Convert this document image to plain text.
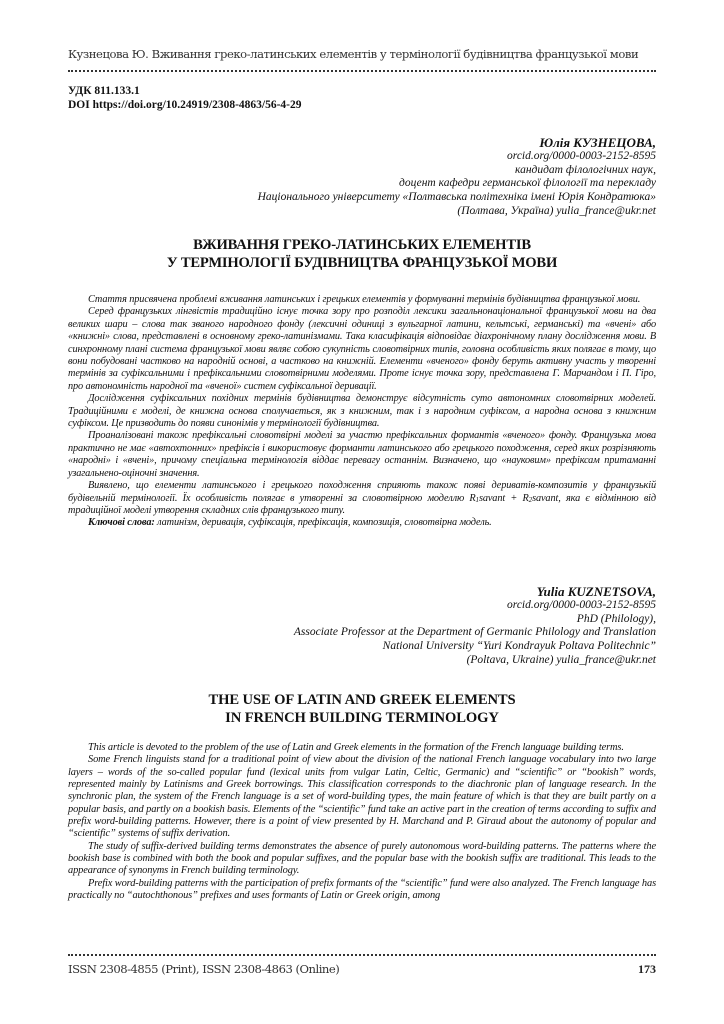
Кузнецова Ю. Вживання греко-латинських елементів у термінології будівництва французької мови
УДК 811.133.1
DOI https://doi.org/10.24919/2308-4863/56-4-29
Юлія КУЗНЕЦОВА,
orcid.org/0000-0003-2152-8595
кандидат філологічних наук,
доцент кафедри германської філології та перекладу
Національного університету «Полтавська політехніка імені Юрія Кондратюка»
(Полтава, Україна) yulia_france@ukr.net
ВЖИВАННЯ ГРЕКО-ЛАТИНСЬКИХ ЕЛЕМЕНТІВ
У ТЕРМІНОЛОГІЇ БУДІВНИЦТВА ФРАНЦУЗЬКОЇ МОВИ

Стаття присвячена проблемі вживання латинських і грецьких елементів у формуванні термінів будівництва французької мови.

Серед французьких лінгвістів традиційно існує точка зору про розподіл лексики загальнонаціональної французької мови на два великих шари – слова так званого народного фонду (лексичні одиниці з вульгарної латини, кельтські, германські) та «вчені» або «книжні» слова, представлені в основному греко-латинізмами. Така класифікація відповідає діахронічному плану дослідження мови. В синхронному плані система французької мови являє собою сукупність словотвірних типів, головна особливість яких полягає в тому, що вони побудовані частково на народній основі, а частково на книжній. Елементи «вченого» фонду беруть активну участь у творенні термінів за суфіксальними і префіксальними словотвірними моделями. Проте існує точка зору, представлена Г. Марчандом і П. Гіро, про автономність народної та «вченої» систем суфіксальної деривації.

Дослідження суфіксальних похідних термінів будівництва демонструє відсутність суто автономних словотвірних моделей. Традиційними є моделі, де книжна основа сполучається, як з книжним, так і з народним суфіксом, а народна основа з книжним суфіксом. Це призводить до появи синонімів у термінології будівництва.

Проаналізовані також префіксальні словотвірні моделі за участю префіксальних формантів «вченого» фонду. Французька мова практично не має «автохтонних» префіксів і використовує форманти латинського або грецького походження, серед яких розрізняють «народні» і «вчені», причому спеціальна термінологія віддає перевагу останнім. Визначено, що «науковим» префіксам притаманні узагальнено-оціночні значення.

Виявлено, що елементи латинського і грецького походження сприяють також появі дериватів-композитів у французькій будівельній термінології. Їх особливість полягає в утворенні за словотвірною моделлю $R_1savant$ + $R_2savant$, яка є відмінною від традиційної моделі утворення складних слів французького типу.

Ключові слова: латинізм, деривація, суфіксація, префіксація, композиція, словотвірна модель.

Yulia KUZNETSOVA,
orcid.org/0000-0003-2152-8595
PhD (Philology),
Associate Professor at the Department of Germanic Philology and Translation
National University “Yuri Kondrayuk Poltava Politechnic”
(Poltava, Ukraine) yulia_france@ukr.net
THE USE OF LATIN AND GREEK ELEMENTS
IN FRENCH BUILDING TERMINOLOGY

This article is devoted to the problem of the use of Latin and Greek elements in the formation of the French language building terms.

Some French linguists stand for a traditional point of view about the division of the national French language vocabulary into two large layers – words of the so-called popular fund (lexical units from vulgar Latin, Celtic, Germanic) and “scientific” or “bookish” words, represented mainly by Latinisms and Greek borrowings. This classification corresponds to the diachronic plan of language research. In the synchronic plan, the system of the French language is a set of word-building types, the main feature of which is that they are built partly on a popular basis, and partly on a bookish basis. Elements of the “scientific” fund take an active part in the creation of terms according to suffix and prefix word-building patterns. However, there is a point of view presented by H. Marchand and P. Giraud about the autonomy of popular and “scientific” systems of suffix derivation.

The study of suffix-derived building terms demonstrates the absence of purely autonomous word-building patterns. The patterns where the bookish base is combined with both the book and popular suffixes, and the popular base with the bookish suffix are traditional. This leads to the appearance of synonyms in French building terminology.

Prefix word-building patterns with the participation of prefix formants of the “scientific” fund were also analyzed. The French language has practically no “autochthonous” prefixes and uses formants of Latin or Greek origin, among

ISSN 2308-4855 (Print), ISSN 2308-4863 (Online)	173
